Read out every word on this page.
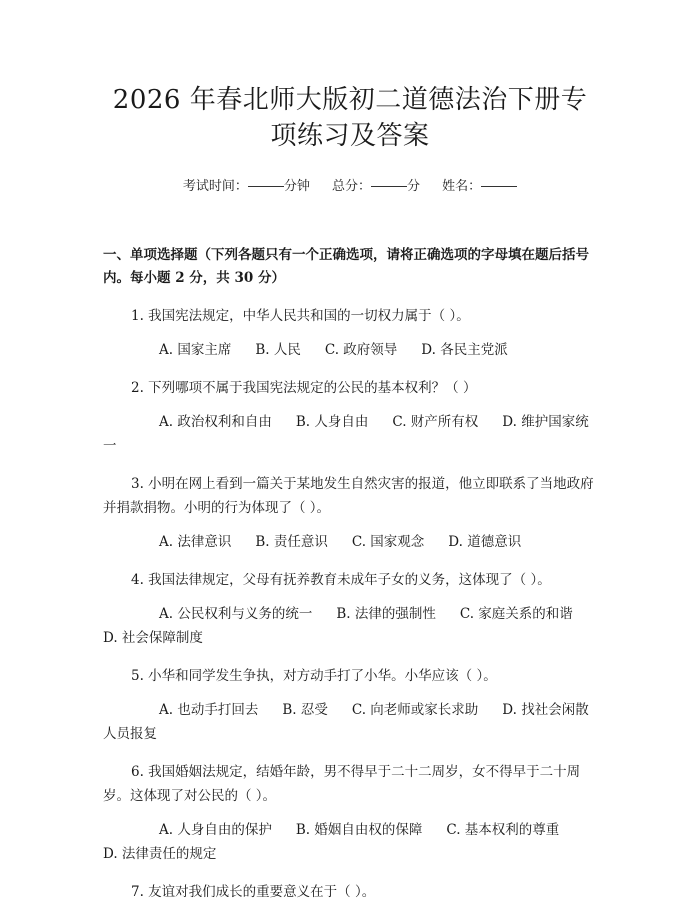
2026 年春北师大版初二道德法治下册专项练习及答案
考试时间：	分钟 总分：	分 姓名：
一、单项选择题（下列各题只有一个正确选项，请将正确选项的字母填在题后括号内。每小题 2 分，共 30 分）
1. 我国宪法规定，中华人民共和国的一切权力属于（ ）。
A. 国家主席 B. 人民 C. 政府领导 D. 各民主党派
2. 下列哪项不属于我国宪法规定的公民的基本权利？（ ）
A. 政治权利和自由 B. 人身自由 C. 财产所有权 D. 维护国家统一
3. 小明在网上看到一篇关于某地发生自然灾害的报道，他立即联系了当地政府并捐款捐物。小明的行为体现了（ ）。
A. 法律意识 B. 责任意识 C. 国家观念 D. 道德意识
4. 我国法律规定，父母有抚养教育未成年子女的义务，这体现了（ ）。
A. 公民权利与义务的统一 B. 法律的强制性 C. 家庭关系的和谐D. 社会保障制度
5. 小华和同学发生争执，对方动手打了小华。小华应该（ ）。
A. 也动手打回去 B. 忍受 C. 向老师或家长求助 D. 找社会闲散人员报复
6. 我国婚姻法规定，结婚年龄，男不得早于二十二周岁，女不得早于二十周岁。这体现了对公民的（ ）。
A. 人身自由的保护 B. 婚姻自由权的保障 C. 基本权利的尊重D. 法律责任的规定
7. 友谊对我们成长的重要意义在于（ ）。
